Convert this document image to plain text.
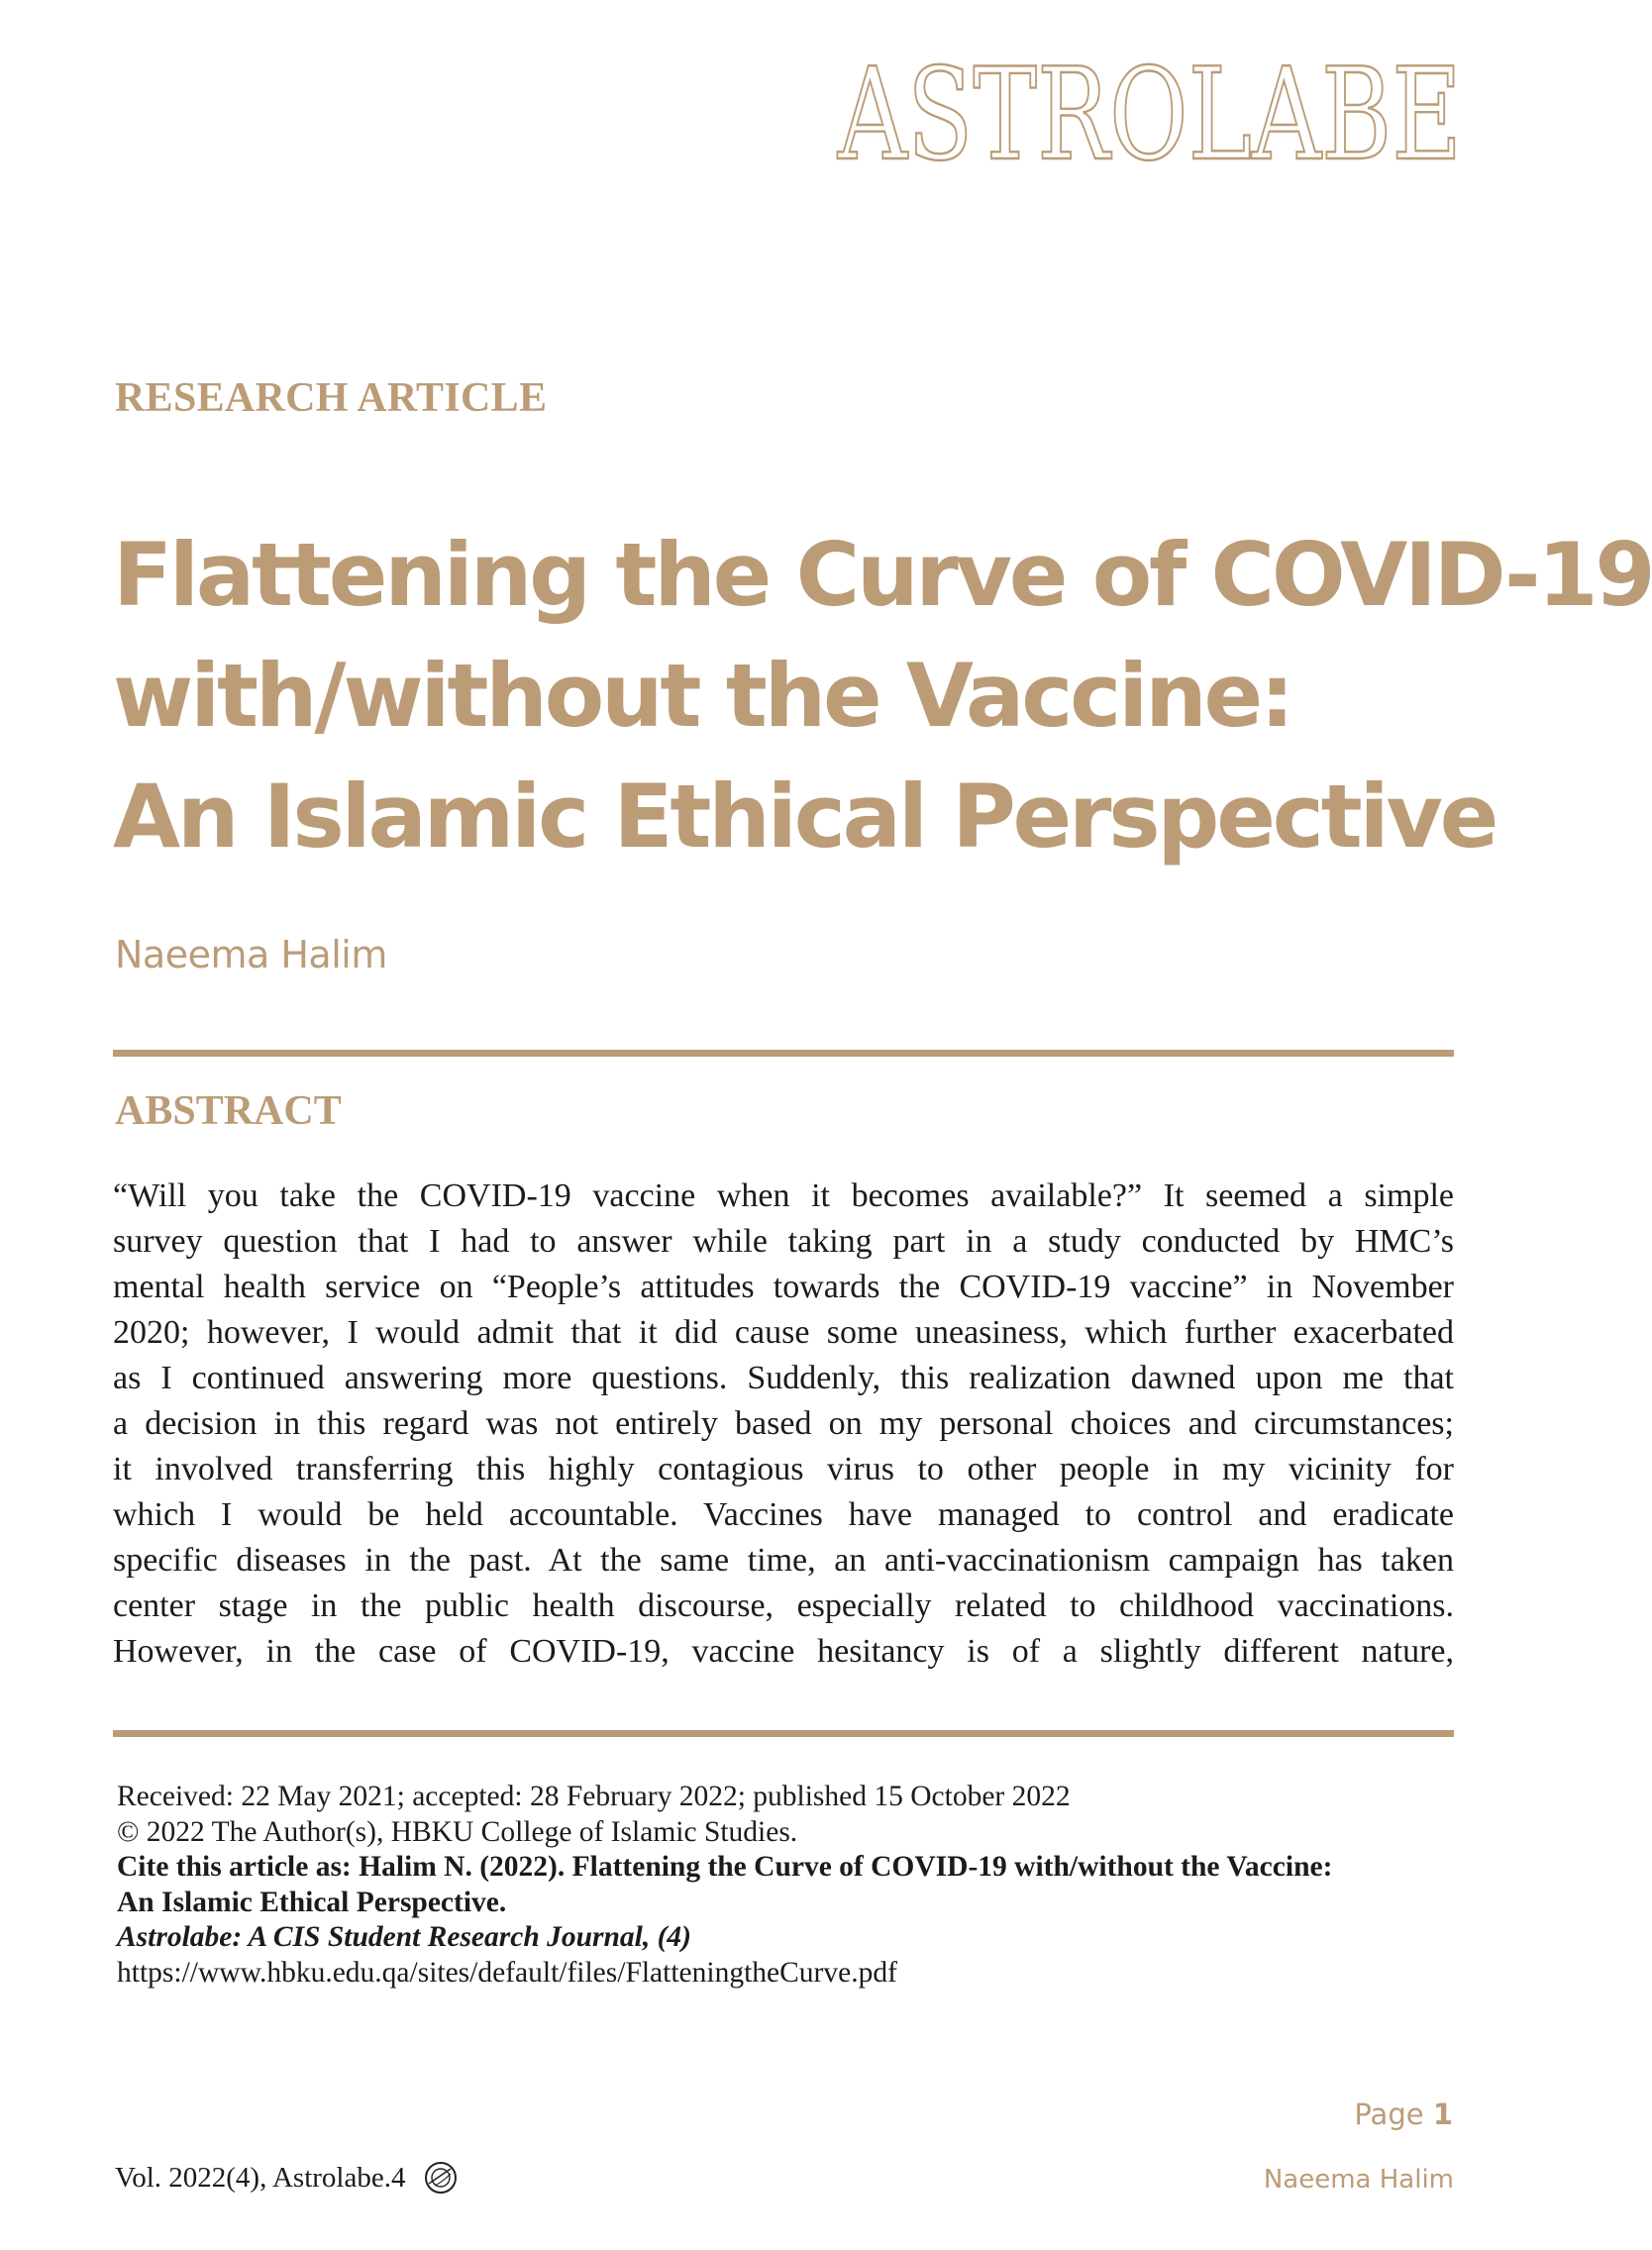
ASTROLABE
RESEARCH ARTICLE
Flattening the Curve of COVID-19
with/without the Vaccine:
An Islamic Ethical Perspective

Naeema Halim

ABSTRACT

“Will you take the COVID-19 vaccine when it becomes available?” It seemed a simple
survey question that I had to answer while taking part in a study conducted by HMC’s
mental health service on “People’s attitudes towards the COVID-19 vaccine” in November
2020; however, I would admit that it did cause some uneasiness, which further exacerbated
as I continued answering more questions. Suddenly, this realization dawned upon me that
a decision in this regard was not entirely based on my personal choices and circumstances;
it involved transferring this highly contagious virus to other people in my vicinity for
which I would be held accountable. Vaccines have managed to control and eradicate
specific diseases in the past. At the same time, an anti-vaccinationism campaign has taken
center stage in the public health discourse, especially related to childhood vaccinations.
However, in the case of COVID-19, vaccine hesitancy is of a slightly different nature,

Received: 22 May 2021; accepted: 28 February 2022; published 15 October 2022
© 2022 The Author(s), HBKU College of Islamic Studies.
Cite this article as: Halim N. (2022). Flattening the Curve of COVID-19 with/without the Vaccine:
An Islamic Ethical Perspective.
Astrolabe: A CIS Student Research Journal, (4)
https://www.hbku.edu.qa/sites/default/files/FlatteningtheCurve.pdf
Page 1
Vol. 2022(4), Astrolabe.4	Naeema Halim
